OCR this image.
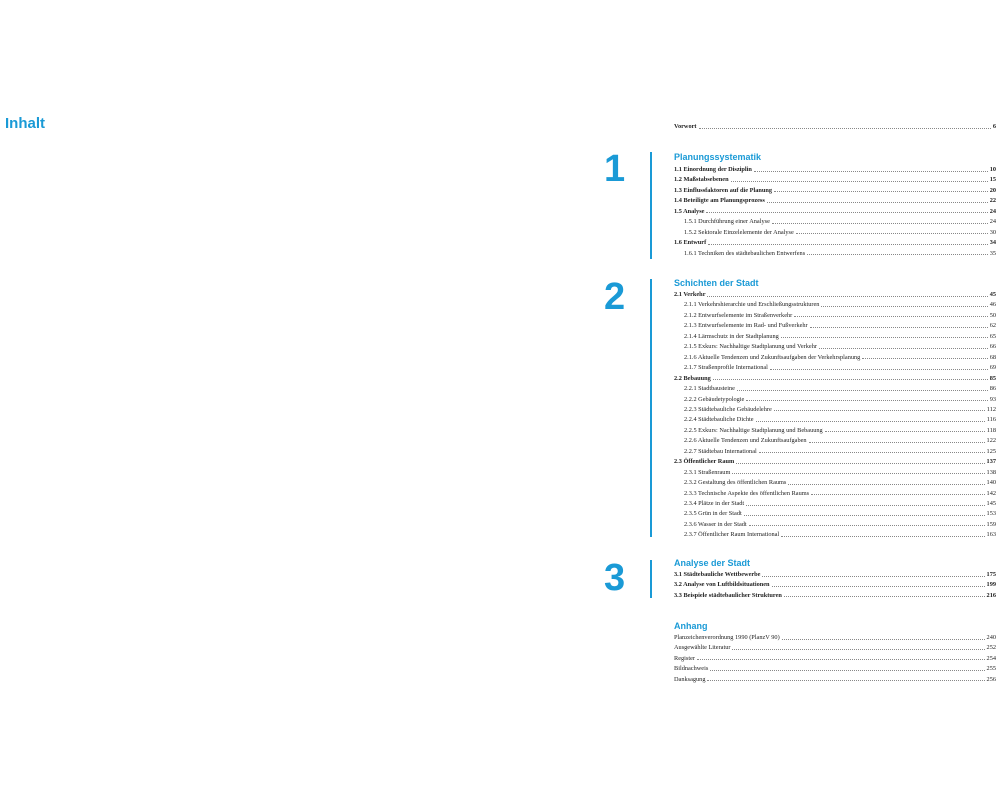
Inhalt	Vorwort	6
Planungssystematik
1.1 Einordnung der Disziplin	10
1.2 Maßstabsebenen	15
1.3 Einflussfaktoren auf die Planung	20
1.4 Beteiligte am Planungsprozess	22
1.5 Analyse	24
1.5.1 Durchführung einer Analyse	24
1.5.2 Sektorale Einzelelemente der Analyse	30
1.6 Entwurf	34
1.6.1 Techniken des städtebaulichen Entwerfens	35
Schichten der Stadt
2.1 Verkehr	45
2.1.1 Verkehrshierarchie und Erschließungsstrukturen	46
2.1.2 Entwurfselemente im Straßenverkehr	50
2.1.3 Entwurfselemente im Rad- und Fußverkehr	62
2.1.4 Lärmschutz in der Stadtplanung	65
2.1.5 Exkurs: Nachhaltige Stadtplanung und Verkehr	66
2.1.6 Aktuelle Tendenzen und Zukunftsaufgaben der Verkehrsplanung	68
2.1.7 Straßenprofile International	69
2.2 Bebauung	85
2.2.1 Stadtbausteine	86
2.2.2 Gebäudetypologie	93
2.2.3 Städtebauliche Gebäudelehre	112
2.2.4 Städtebauliche Dichte	116
2.2.5 Exkurs: Nachhaltige Stadtplanung und Bebauung	118
2.2.6 Aktuelle Tendenzen und Zukunftsaufgaben	122
2.2.7 Städtebau International	125
2.3 Öffentlicher Raum	137
2.3.1 Straßenraum	138
2.3.2 Gestaltung des öffentlichen Raums	140
2.3.3 Technische Aspekte des öffentlichen Raums	142
2.3.4 Plätze in der Stadt	145
2.3.5 Grün in der Stadt	153
2.3.6 Wasser in der Stadt	159
2.3.7 Öffentlicher Raum International	163
Analyse der Stadt
3.1 Städtebauliche Wettbewerbe	175
3.2 Analyse von Luftbildsituationen	199
3.3 Beispiele städtebaulicher Strukturen	216
Anhang
Planzeichenverordnung 1990 (PlanzV 90)	240
Ausgewählte Literatur	252
Register	254
Bildnachweis	255
Danksagung	256
1
2
3
